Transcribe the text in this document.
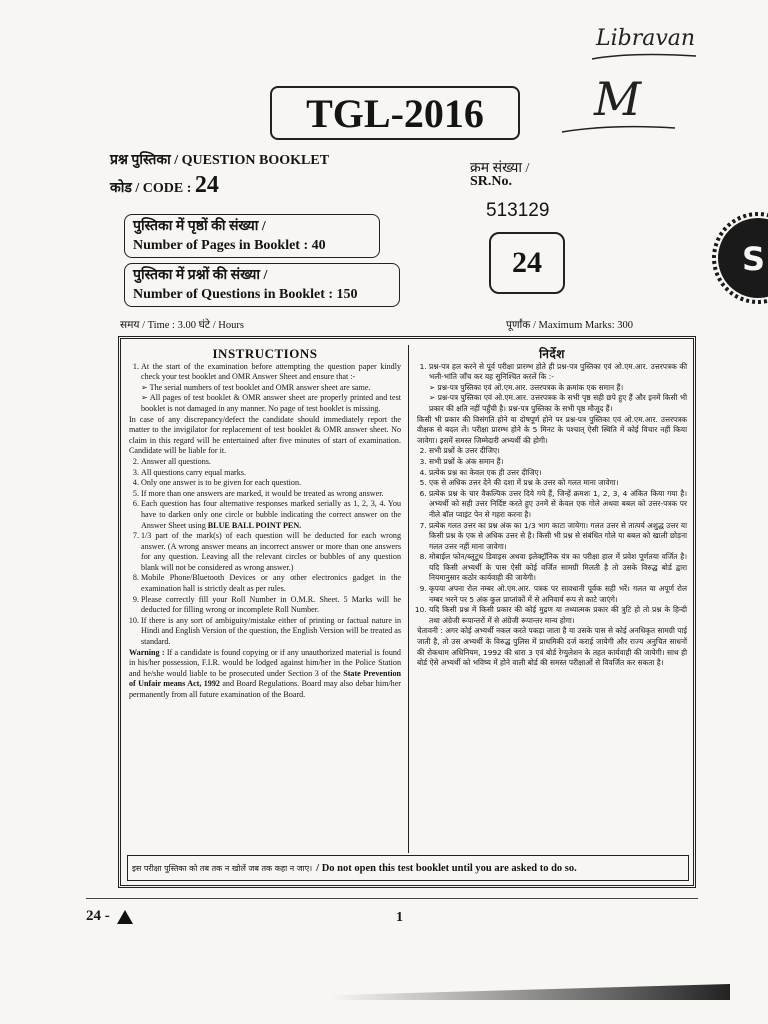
Libravan
M
S
TGL-2016
प्रश्न पुस्तिका / QUESTION BOOKLET
कोड / CODE : 24
क्रम संख्या /
SR.No.
513129
24
पुस्तिका में पृष्ठों की संख्या /
Number of Pages in Booklet : 40
पुस्तिका में प्रश्नों की संख्या /
Number of Questions in Booklet : 150
समय / Time : 3.00 घंटे / Hours	पूर्णांक / Maximum Marks: 300
INSTRUCTIONS
1. At the start of the examination before attempting the question paper kindly check your test booklet and OMR Answer Sheet and ensure that :-
➢ The serial numbers of test booklet and OMR answer sheet are same.
➢ All pages of test booklet & OMR answer sheet are properly printed and test booklet is not damaged in any manner. No page of test booklet is missing.

In case of any discrepancy/defect the candidate should immediately report the matter to the invigilator for replacement of test booklet & OMR answer sheet. No claim in this regard will be entertained after five minutes of start of examination. Candidate will be liable for it.

2. Answer all questions.
3. All questions carry equal marks.
4. Only one answer is to be given for each question.
5. If more than one answers are marked, it would be treated as wrong answer.
6. Each question has four alternative responses marked serially as 1, 2, 3, 4. You have to darken only one circle or bubble indicating the correct answer on the Answer Sheet using BLUE BALL POINT PEN.
7. 1/3 part of the mark(s) of each question will be deducted for each wrong answer. (A wrong answer means an incorrect answer or more than one answers for any question. Leaving all the relevant circles or bubbles of any question blank will not be considered as wrong answer.)
8. Mobile Phone/Bluetooth Devices or any other electronics gadget in the examination hall is strictly dealt as per rules.
9. Please correctly fill your Roll Number in O.M.R. Sheet. 5 Marks will be deducted for filling wrong or incomplete Roll Number.
10. If there is any sort of ambiguity/mistake either of printing or factual nature in Hindi and English Version of the question, the English Version will be treated as standard.

Warning : If a candidate is found copying or if any unauthorized material is found in his/her possession, F.I.R. would be lodged against him/her in the Police Station and he/she would liable to be prosecuted under Section 3 of the State Prevention of Unfair means Act, 1992 and Board Regulations. Board may also debar him/her permanently from all future examination of the Board.

निर्देश
1. प्रश्न-पत्र हल करने से पूर्व परीक्षा प्रारम्भ होते ही प्रश्न-पत्र पुस्तिका एवं ओ.एम.आर. उत्तरपत्रक की भली-भांति जाँच कर यह सुनिश्चित करलें कि :-
➢ प्रश्न-पत्र पुस्तिका एवं ओ.एम.आर. उत्तरपत्रक के क्रमांक एक समान हैं।
➢ प्रश्न-पत्र पुस्तिका एवं ओ.एम.आर. उत्तरपत्रक के सभी पृष्ठ सही छपे हुए हैं और इनमें किसी भी प्रकार की क्षति नहीं पहुँची है। प्रश्न-पत्र पुस्तिका के सभी पृष्ठ मौजूद हैं।

किसी भी प्रकार की विसंगति होने या दोषपूर्ण होने पर प्रश्न-पत्र पुस्तिका एवं ओ.एम.आर. उत्तरपत्रक वीक्षक से बदल लें। परीक्षा प्रारम्भ होने के 5 मिनट के पश्चात् ऐसी स्थिति में कोई विचार नहीं किया जावेगा। इसमें समस्त जिम्मेदारी अभ्यर्थी की होगी।

2. सभी प्रश्नों के उत्तर दीजिए।
3. सभी प्रश्नों के अंक समान हैं।
4. प्रत्येक प्रश्न का केवल एक ही उत्तर दीजिए।
5. एक से अधिक उत्तर देने की दशा में प्रश्न के उत्तर को गलत माना जावेगा।
6. प्रत्येक प्रश्न के चार वैकल्पिक उत्तर दिये गये हैं, जिन्हें क्रमशः 1, 2, 3, 4 अंकित किया गया है। अभ्यर्थी को सही उत्तर निर्दिष्ट करते हुए उनमें से केवल एक गोले अथवा बबल को उत्तर-पत्रक पर नीले बॉल प्वाइंट पेन से गहरा करना है।
7. प्रत्येक गलत उत्तर का प्रश्न अंक का 1/3 भाग काटा जायेगा। गलत उत्तर से तात्पर्य अशुद्ध उत्तर या किसी प्रश्न के एक से अधिक उत्तर से है। किसी भी प्रश्न से संबंधित गोले या बबल को खाली छोड़ना गलत उत्तर नहीं माना जावेगा।
8. मोबाईल फोन/ब्लूटूथ डिवाइस अथवा इलेक्ट्रॉनिक यंत्र का परीक्षा हाल में प्रवेश पूर्णतया वर्जित है। यदि किसी अभ्यर्थी के पास ऐसी कोई वर्जित सामग्री मिलती है तो उसके विरुद्ध बोर्ड द्वारा नियमानुसार कठोर कार्यवाही की जायेगी।
9. कृपया अपना रोल नम्बर ओ.एम.आर. पत्रक पर सावधानी पूर्वक सही भरें। गलत या अपूर्ण रोल नम्बर भरने पर 5 अंक कुल प्राप्तांकों में से अनिवार्य रूप से काटे जाएंगे।
10. यदि किसी प्रश्न में किसी प्रकार की कोई मुद्रण या तथ्यात्मक प्रकार की त्रुटि हो तो प्रश्न के हिन्दी तथा अंग्रेजी रूपान्तरों में से अंग्रेजी रूपान्तर मान्य होगा।

चेतावनी : अगर कोई अभ्यर्थी नकल करते पकड़ा जाता है या उसके पास से कोई अनधिकृत सामग्री पाई जाती है, तो उस अभ्यर्थी के विरुद्ध पुलिस में प्राथमिकी दर्ज कराई जायेगी और राज्य अनुचित साधनों की रोकथाम अधिनियम, 1992 की धारा 3 एवं बोर्ड रेग्युलेशन के तहत कार्यवाही की जायेगी। साथ ही बोर्ड ऐसे अभ्यर्थी को भविष्य में होने वाली बोर्ड की समस्त परीक्षाओं से विवर्जित कर सकता है।

इस परीक्षा पुस्तिका को तब तक न खोलें जब तक कहा न जाए। / Do not open this test booklet until you are asked to do so.
24 -	1
